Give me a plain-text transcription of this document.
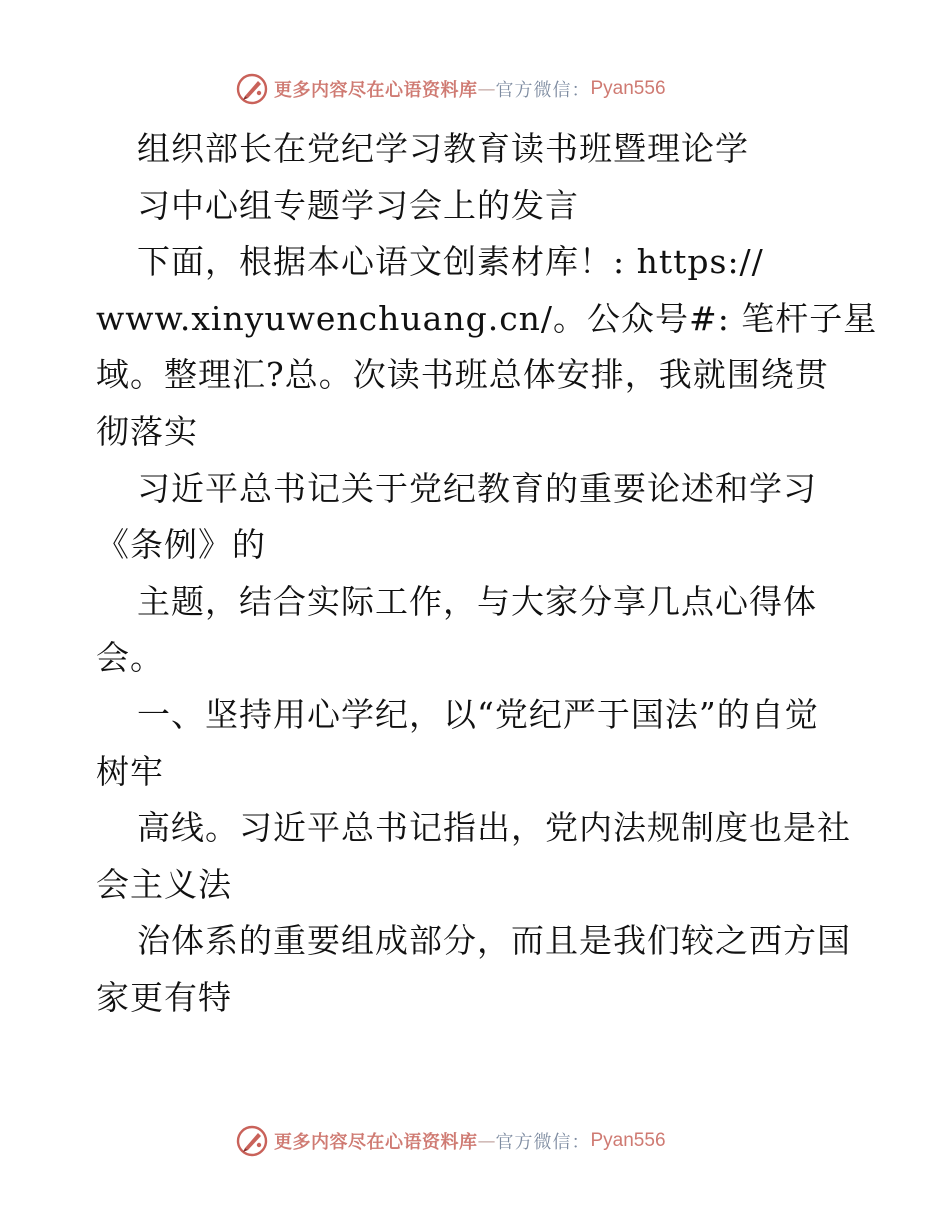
更多内容尽在心语资料库 — 官方微信： Pyan556
组织部长在党纪学习教育读书班暨理论学
习中心组专题学习会上的发言
下面，根据本心语文创素材库！: https://
www.xinyuwenchuang.cn/。公众号#: 笔杆子星
域。整理汇?总。次读书班总体安排，我就围绕贯
彻落实
习近平总书记关于党纪教育的重要论述和学习
《条例》的
主题，结合实际工作，与大家分享几点心得体
会。
一、坚持用心学纪，以“党纪严于国法”的自觉
树牢
高线。习近平总书记指出，党内法规制度也是社
会主义法
治体系的重要组成部分，而且是我们较之西方国
家更有特
更多内容尽在心语资料库 — 官方微信： Pyan556
